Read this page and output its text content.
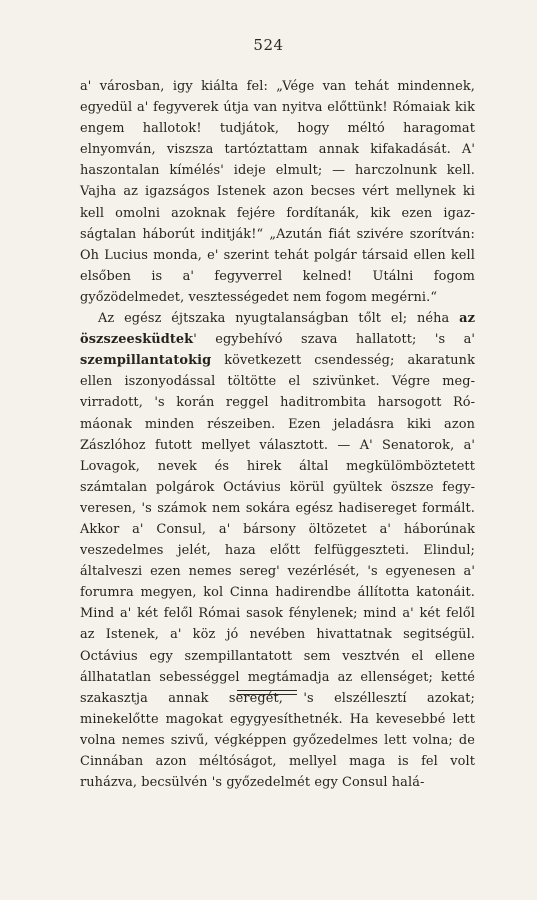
524

a' városban, igy kiálta fel: „Vége van tehát mindennek, egyedül a' fegyverek útja van nyitva előttünk! Rómaiak kik engem hallotok! tudjátok, hogy méltó haragomat elnyomván, viszsza tartóztattam annak kifakadását. A' haszontalan kímélés' ideje elmult; — harczolnunk kell. Vajha az igazságos Istenek azon becses vért mellynek ki kell omolni azoknak fejére fordítanák, kik ezen igazságtalan háborút inditják!“ „Azután fiát szivére szorítván: Oh Lucius monda, e' szerint tehát polgár társaid ellen kell elsőben is a' fegyverrel kelned! Utálni fogom győzödelmedet, vesztességedet nem fogom megérni.“

Az egész éjtszaka nyugtalanságban tőlt el; néha az öszszeesküdtek' egybehívó szava hallatott; 's a' szempillantatokig következett csendesség; akaratunk ellen iszonyodással töltötte el szivünket. Végre megvirradott, 's korán reggel haditrombita harsogott Rómáonak minden részeiben. Ezen jeladásra kiki azon Zászlóhoz futott mellyet választott. — A' Senatorok, a' Lovagok, nevek és hirek által megkülömböztetett számtalan polgárok Octávius körül gyültek öszsze fegyveresen, 's számok nem sokára egész hadisereget formált. Akkor a' Consul, a' bársony öltözetet a' háborúnak veszedelmes jelét, haza előtt felfüggeszteti. Elindul; általveszi ezen nemes sereg' vezérlését, 's egyenesen a' forumra megyen, kol Cinna hadirendbe állította katonáit. Mind a' két felől Római sasok fénylenek; mind a' két felől az Istenek, a' köz jó nevében hivattatnak segitségül. Octávius egy szempillantatott sem vesztvén el ellene állhatatlan sebességgel megtámadja az ellenséget; ketté szakasztja annak seregét, 's elszéllesztí azokat; minekelőtte magokat egygyesíthetnék. Ha kevesebbé lett volna nemes szivű, végképpen győzedelmes lett volna; de Cinnában azon méltóságot, mellyel maga is fel volt ruházva, becsülvén 's győzedelmét egy Consul halá-
